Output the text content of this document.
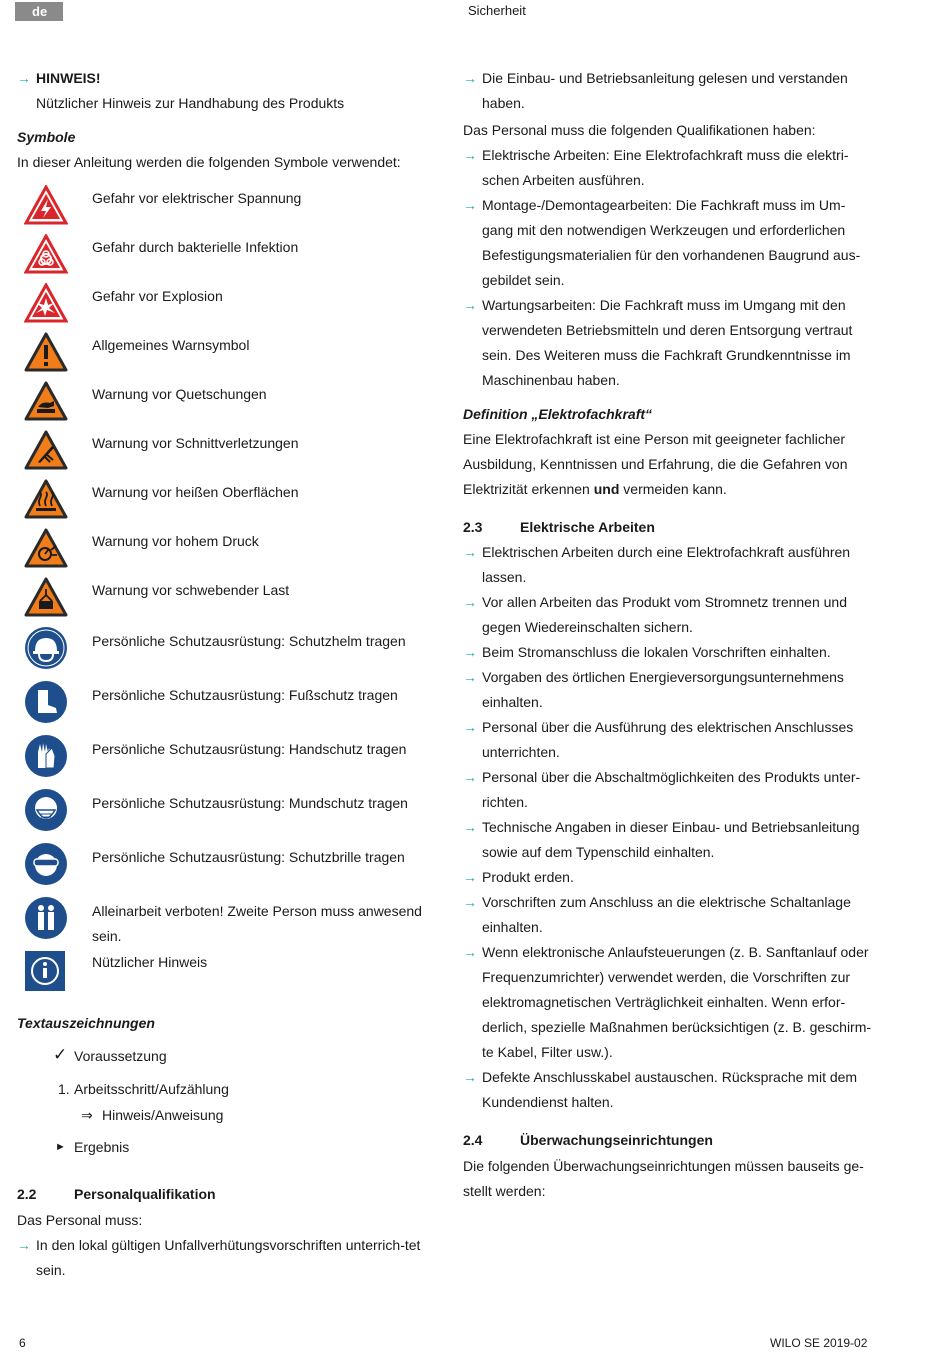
de	Sicherheit
→ HINWEIS!
Nützlicher Hinweis zur Handhabung des Produkts

Symbole

In dieser Anleitung werden die folgenden Symbole verwendet:

Gefahr vor elektrischer Spannung
Gefahr durch bakterielle Infektion
Gefahr vor Explosion
Allgemeines Warnsymbol
Warnung vor Quetschungen
Warnung vor Schnittverletzungen
Warnung vor heißen Oberflächen
Warnung vor hohem Druck
Warnung vor schwebender Last
Persönliche Schutzausrüstung: Schutzhelm tragen
Persönliche Schutzausrüstung: Fußschutz tragen
Persönliche Schutzausrüstung: Handschutz tragen
Persönliche Schutzausrüstung: Mundschutz tragen
Persönliche Schutzausrüstung: Schutzbrille tragen
Alleinarbeit verboten! Zweite Person muss anwesend sein.
Nützlicher Hinweis

Textauszeichnungen

✓ Voraussetzung
1. Arbeitsschritt/Aufzählung
⇒ Hinweis/Anweisung
► Ergebnis

2.2	Personalqualifikation

Das Personal muss:

→ In den lokal gültigen Unfallverhütungsvorschriften unterrich-tet sein.
→ Die Einbau- und Betriebsanleitung gelesen und verstanden haben.

Das Personal muss die folgenden Qualifikationen haben:

→ Elektrische Arbeiten: Eine Elektrofachkraft muss die elektri-schen Arbeiten ausführen.
→ Montage-/Demontagearbeiten: Die Fachkraft muss im Um-gang mit den notwendigen Werkzeugen und erforderlichen Befestigungsmaterialien für den vorhandenen Baugrund aus-gebildet sein.
→ Wartungsarbeiten: Die Fachkraft muss im Umgang mit den verwendeten Betriebsmitteln und deren Entsorgung vertraut sein. Des Weiteren muss die Fachkraft Grundkenntnisse im Maschinenbau haben.

Definition „Elektrofachkraft“

Eine Elektrofachkraft ist eine Person mit geeigneter fachlicher Ausbildung, Kenntnissen und Erfahrung, die die Gefahren von Elektrizität erkennen und vermeiden kann.

2.3	Elektrische Arbeiten

→ Elektrischen Arbeiten durch eine Elektrofachkraft ausführen lassen.
→ Vor allen Arbeiten das Produkt vom Stromnetz trennen und gegen Wiedereinschalten sichern.
→ Beim Stromanschluss die lokalen Vorschriften einhalten.
→ Vorgaben des örtlichen Energieversorgungsunternehmens einhalten.
→ Personal über die Ausführung des elektrischen Anschlusses unterrichten.
→ Personal über die Abschaltmöglichkeiten des Produkts unter-richten.
→ Technische Angaben in dieser Einbau- und Betriebsanleitung sowie auf dem Typenschild einhalten.
→ Produkt erden.
→ Vorschriften zum Anschluss an die elektrische Schaltanlage einhalten.
→ Wenn elektronische Anlaufsteuerungen (z. B. Sanftanlauf oder Frequenzumrichter) verwendet werden, die Vorschriften zur elektromagnetischen Verträglichkeit einhalten. Wenn erfor-derlich, spezielle Maßnahmen berücksichtigen (z. B. geschirm-te Kabel, Filter usw.).
→ Defekte Anschlusskabel austauschen. Rücksprache mit dem Kundendienst halten.

2.4	Überwachungseinrichtungen

Die folgenden Überwachungseinrichtungen müssen bauseits ge-stellt werden:

6	WILO SE 2019-02
